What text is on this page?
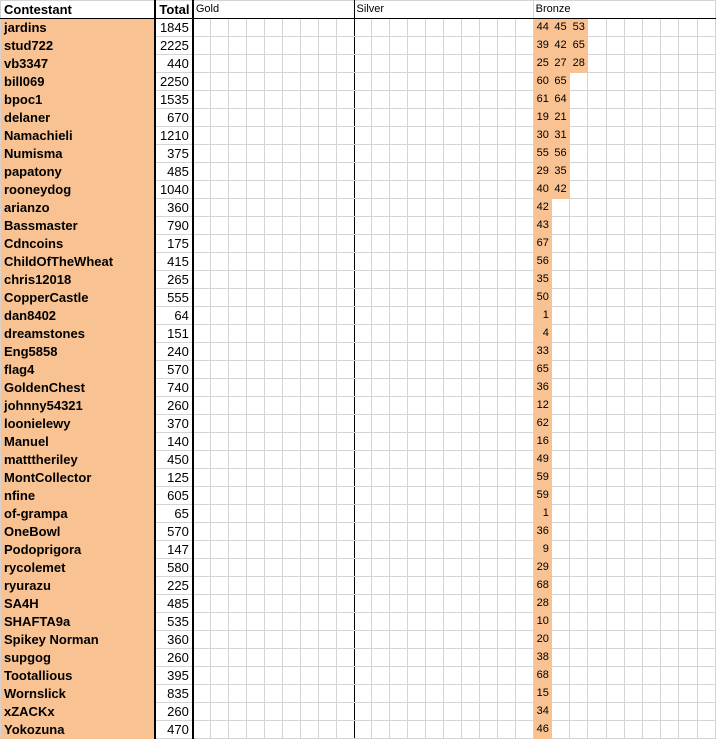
Contestant	Total	Gold									Silver										Bronze									
jardins	1845																				44	45	53							
stud722	2225																				39	42	65							
vb3347	440																				25	27	28							
bill069	2250																				60	65								
bpoc1	1535																				61	64								
delaner	670																				19	21								
Namachieli	1210																				30	31								
Numisma	375																				55	56								
papatony	485																				29	35								
rooneydog	1040																				40	42								
arianzo	360																				42									
Bassmaster	790																				43									
Cdncoins	175																				67									
ChildOfTheWheat	415																				56									
chris12018	265																				35									
CopperCastle	555																				50									
dan8402	64																				1									
dreamstones	151																				4									
Eng5858	240																				33									
flag4	570																				65									
GoldenChest	740																				36									
johnny54321	260																				12									
loonielewy	370																				62									
Manuel	140																				16									
matttheriley	450																				49									
MontCollector	125																				59									
nfine	605																				59									
of-grampa	65																				1									
OneBowl	570																				36									
Podoprigora	147																				9									
rycolemet	580																				29									
ryurazu	225																				68									
SA4H	485																				28									
SHAFTA9a	535																				10									
Spikey Norman	360																				20									
supgog	260																				38									
Tootallious	395																				68									
Wornslick	835																				15									
xZACKx	260																				34									
Yokozuna	470																				46									
